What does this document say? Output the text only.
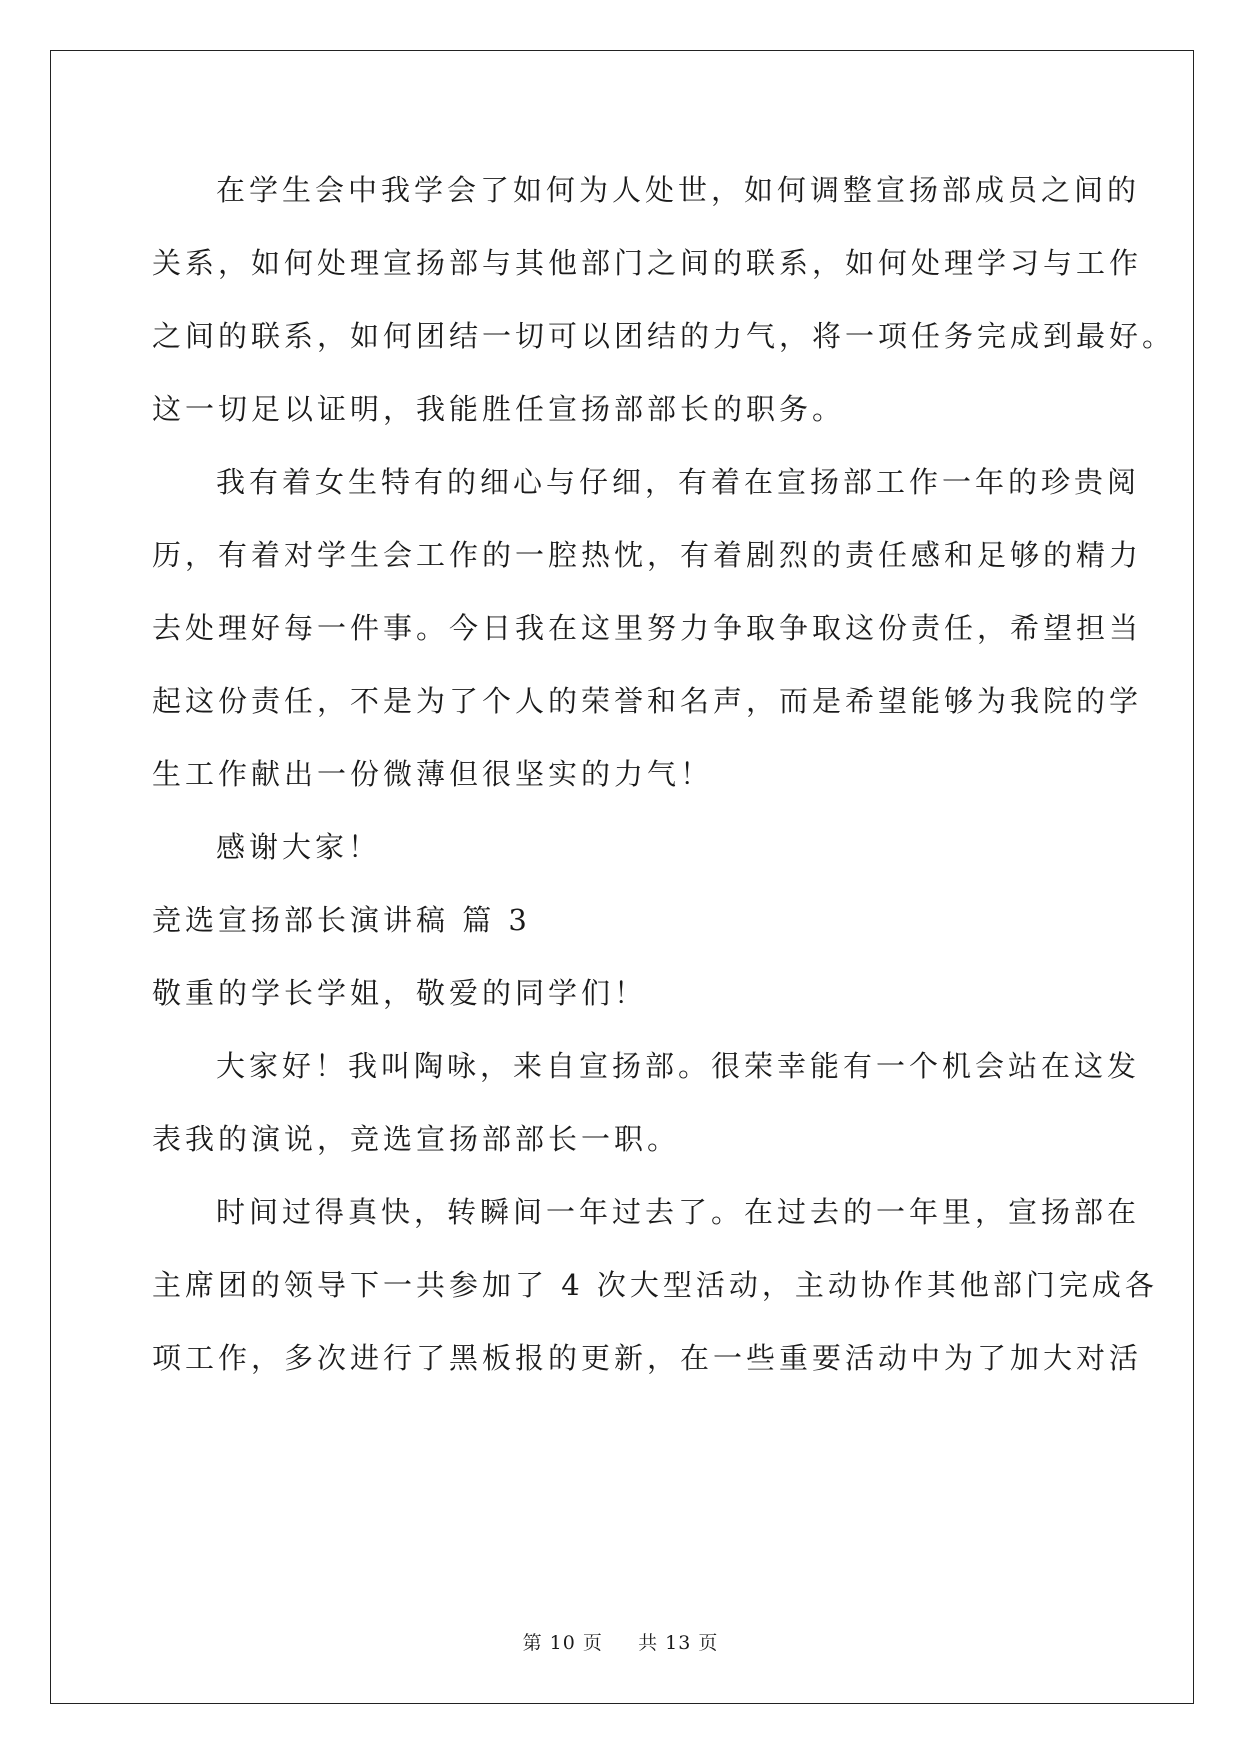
在学生会中我学会了如何为人处世，如何调整宣扬部成员之间的
关系，如何处理宣扬部与其他部门之间的联系，如何处理学习与工作
之间的联系，如何团结一切可以团结的力气，将一项任务完成到最好。
这一切足以证明，我能胜任宣扬部部长的职务。
我有着女生特有的细心与仔细，有着在宣扬部工作一年的珍贵阅
历，有着对学生会工作的一腔热忱，有着剧烈的责任感和足够的精力
去处理好每一件事。今日我在这里努力争取争取这份责任，希望担当
起这份责任，不是为了个人的荣誉和名声，而是希望能够为我院的学
生工作献出一份微薄但很坚实的力气！
感谢大家！
竞选宣扬部长演讲稿 篇 3
敬重的学长学姐，敬爱的同学们！
大家好！我叫陶咏，来自宣扬部。很荣幸能有一个机会站在这发
表我的演说，竞选宣扬部部长一职。
时间过得真快，转瞬间一年过去了。在过去的一年里，宣扬部在
主席团的领导下一共参加了 4 次大型活动，主动协作其他部门完成各
项工作，多次进行了黑板报的更新，在一些重要活动中为了加大对活
第 10 页 共 13 页
